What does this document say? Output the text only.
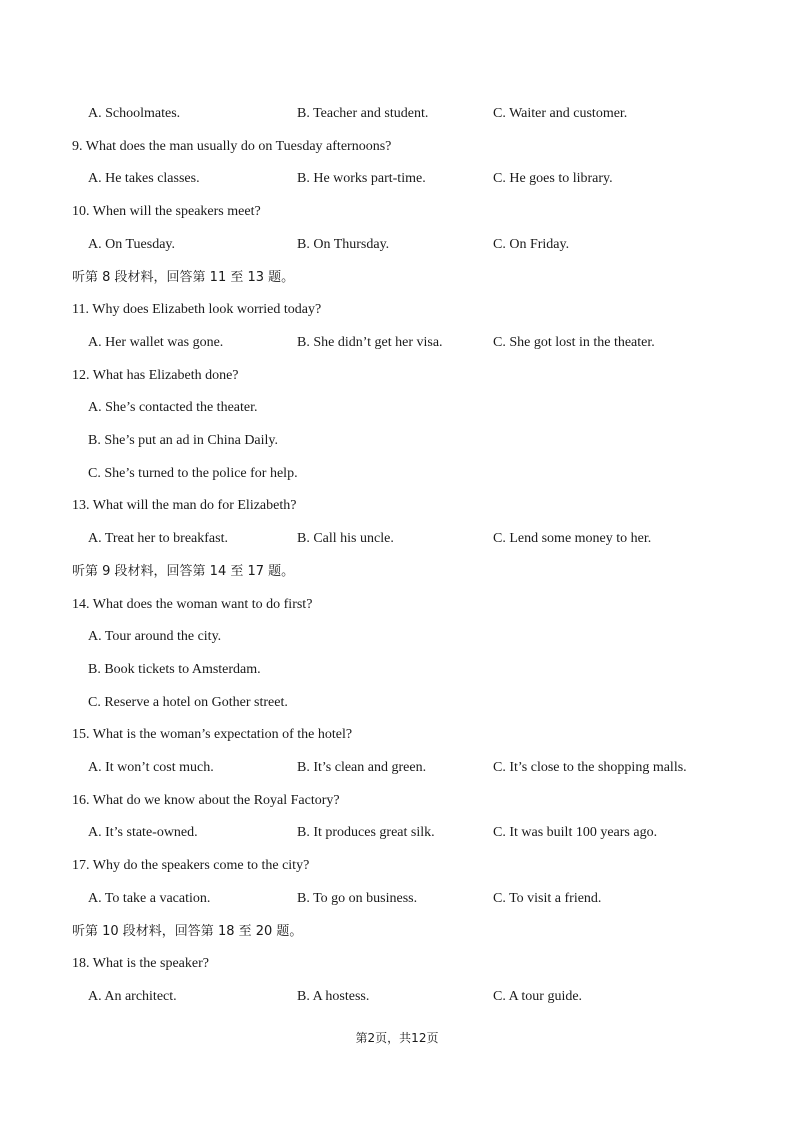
A. Schoolmates.	B. Teacher and student.	C. Waiter and customer.
9. What does the man usually do on Tuesday afternoons?
A. He takes classes.	B. He works part-time.	C. He goes to library.
10. When will the speakers meet?
A. On Tuesday.	B. On Thursday.	C. On Friday.
听第 8 段材料，回答第 11 至 13 题。
11. Why does Elizabeth look worried today?
A. Her wallet was gone.	B. She didn’t get her visa.	C. She got lost in the theater.
12. What has Elizabeth done?
A. She’s contacted the theater.
B. She’s put an ad in China Daily.
C. She’s turned to the police for help.
13. What will the man do for Elizabeth?
A. Treat her to breakfast.	B. Call his uncle.	C. Lend some money to her.
听第 9 段材料，回答第 14 至 17 题。
14. What does the woman want to do first?
A. Tour around the city.
B. Book tickets to Amsterdam.
C. Reserve a hotel on Gother street.
15. What is the woman’s expectation of the hotel?
A. It won’t cost much.	B. It’s clean and green.	C. It’s close to the shopping malls.
16. What do we know about the Royal Factory?
A. It’s state-owned.	B. It produces great silk.	C. It was built 100 years ago.
17. Why do the speakers come to the city?
A. To take a vacation.	B. To go on business.	C. To visit a friend.
听第 10 段材料，回答第 18 至 20 题。
18. What is the speaker?
A. An architect.	B. A hostess.	C. A tour guide.
第2页，共12页
